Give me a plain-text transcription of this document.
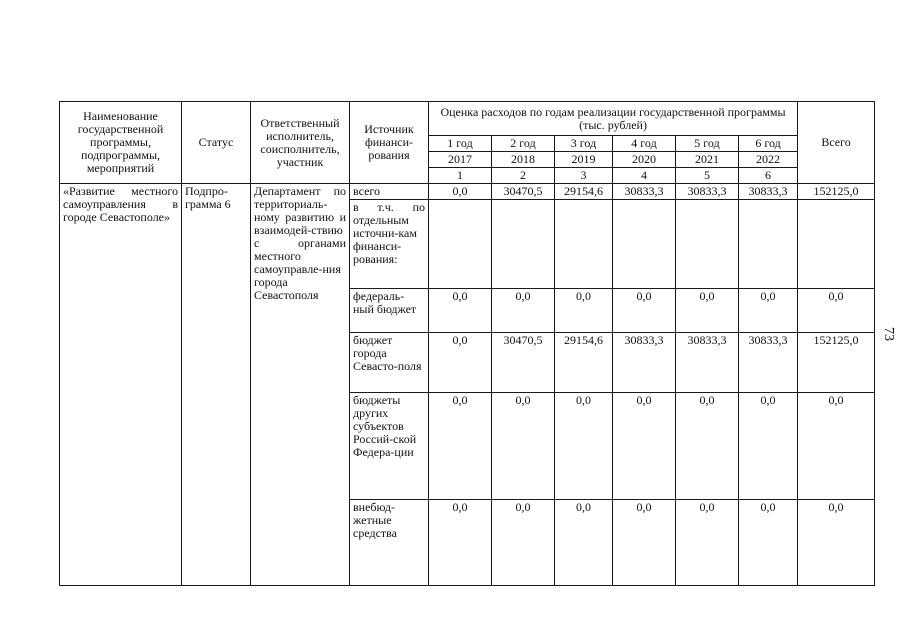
Наименование государственной программы, подпрограммы, мероприятий	Статус	Ответственный исполнитель, соисполнитель, участник	Источник финанси-рования	Оценка расходов по годам реализации государственной программы (тыс. рублей)						Всего	
				1 год	2 год	3 год	4 год	5 год	6 год		
				2017	2018	2019	2020	2021	2022		
				1	2	3	4	5	6					
«Развитие местного самоуправления в городе Севастополе»	Подпро-грамма 6	Департамент по территориаль-ному развитию и взаимодей-ствию с органами местного самоуправле-ния города Севастополя	всего	0,0	30470,5	29154,6	30833,3	30833,3	30833,3	152125,0	
			в т.ч. по отдельным источни-кам финанси-рования:								
			федераль-ный бюджет	0,0	0,0	0,0	0,0	0,0	0,0	0,0	
			бюджет города Севасто-поля	0,0	30470,5	29154,6	30833,3	30833,3	30833,3	152125,0	
			бюджеты других субъектов Россий-ской Федера-ции	0,0	0,0	0,0	0,0	0,0	0,0	0,0	
			внебюд-жетные средства	0,0	0,0	0,0	0,0	0,0	0,0	0,0	
73
